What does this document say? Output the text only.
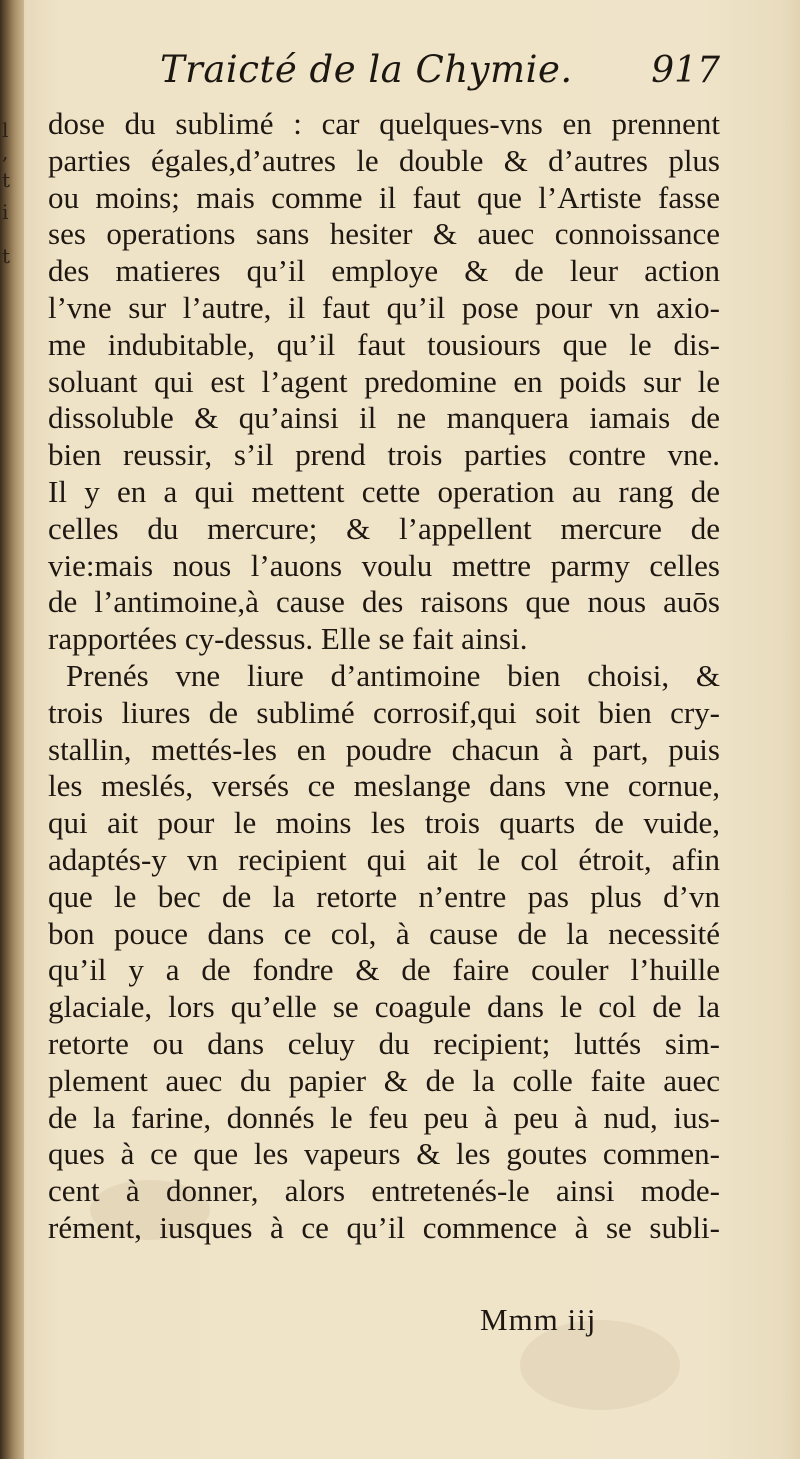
l
,
t
i
t
Traicté de la Chymie. 917
dose du sublimé : car quelques-vns en prennent
parties égales,d’autres le double & d’autres plus
ou moins; mais comme il faut que l’Artiste fasse
ses operations sans hesiter & auec connoissance
des matieres qu’il employe & de leur action
l’vne sur l’autre, il faut qu’il pose pour vn axio-
me indubitable, qu’il faut tousiours que le dis-
soluant qui est l’agent predomine en poids sur le
dissoluble & qu’ainsi il ne manquera iamais de
bien reussir, s’il prend trois parties contre vne.
Il y en a qui mettent cette operation au rang de
celles du mercure; & l’appellent mercure de
vie:mais nous l’auons voulu mettre parmy celles
de l’antimoine,à cause des raisons que nous auōs
rapportées cy-dessus. Elle se fait ainsi.
Prenés vne liure d’antimoine bien choisi, &
trois liures de sublimé corrosif,qui soit bien cry-
stallin, mettés-les en poudre chacun à part, puis
les meslés, versés ce meslange dans vne cornue,
qui ait pour le moins les trois quarts de vuide,
adaptés-y vn recipient qui ait le col étroit, afin
que le bec de la retorte n’entre pas plus d’vn
bon pouce dans ce col, à cause de la necessité
qu’il y a de fondre & de faire couler l’huille
glaciale, lors qu’elle se coagule dans le col de la
retorte ou dans celuy du recipient; luttés sim-
plement auec du papier & de la colle faite auec
de la farine, donnés le feu peu à peu à nud, ius-
ques à ce que les vapeurs & les goutes commen-
cent à donner, alors entretenés-le ainsi mode-
rément, iusques à ce qu’il commence à se subli-
Mmm iij
